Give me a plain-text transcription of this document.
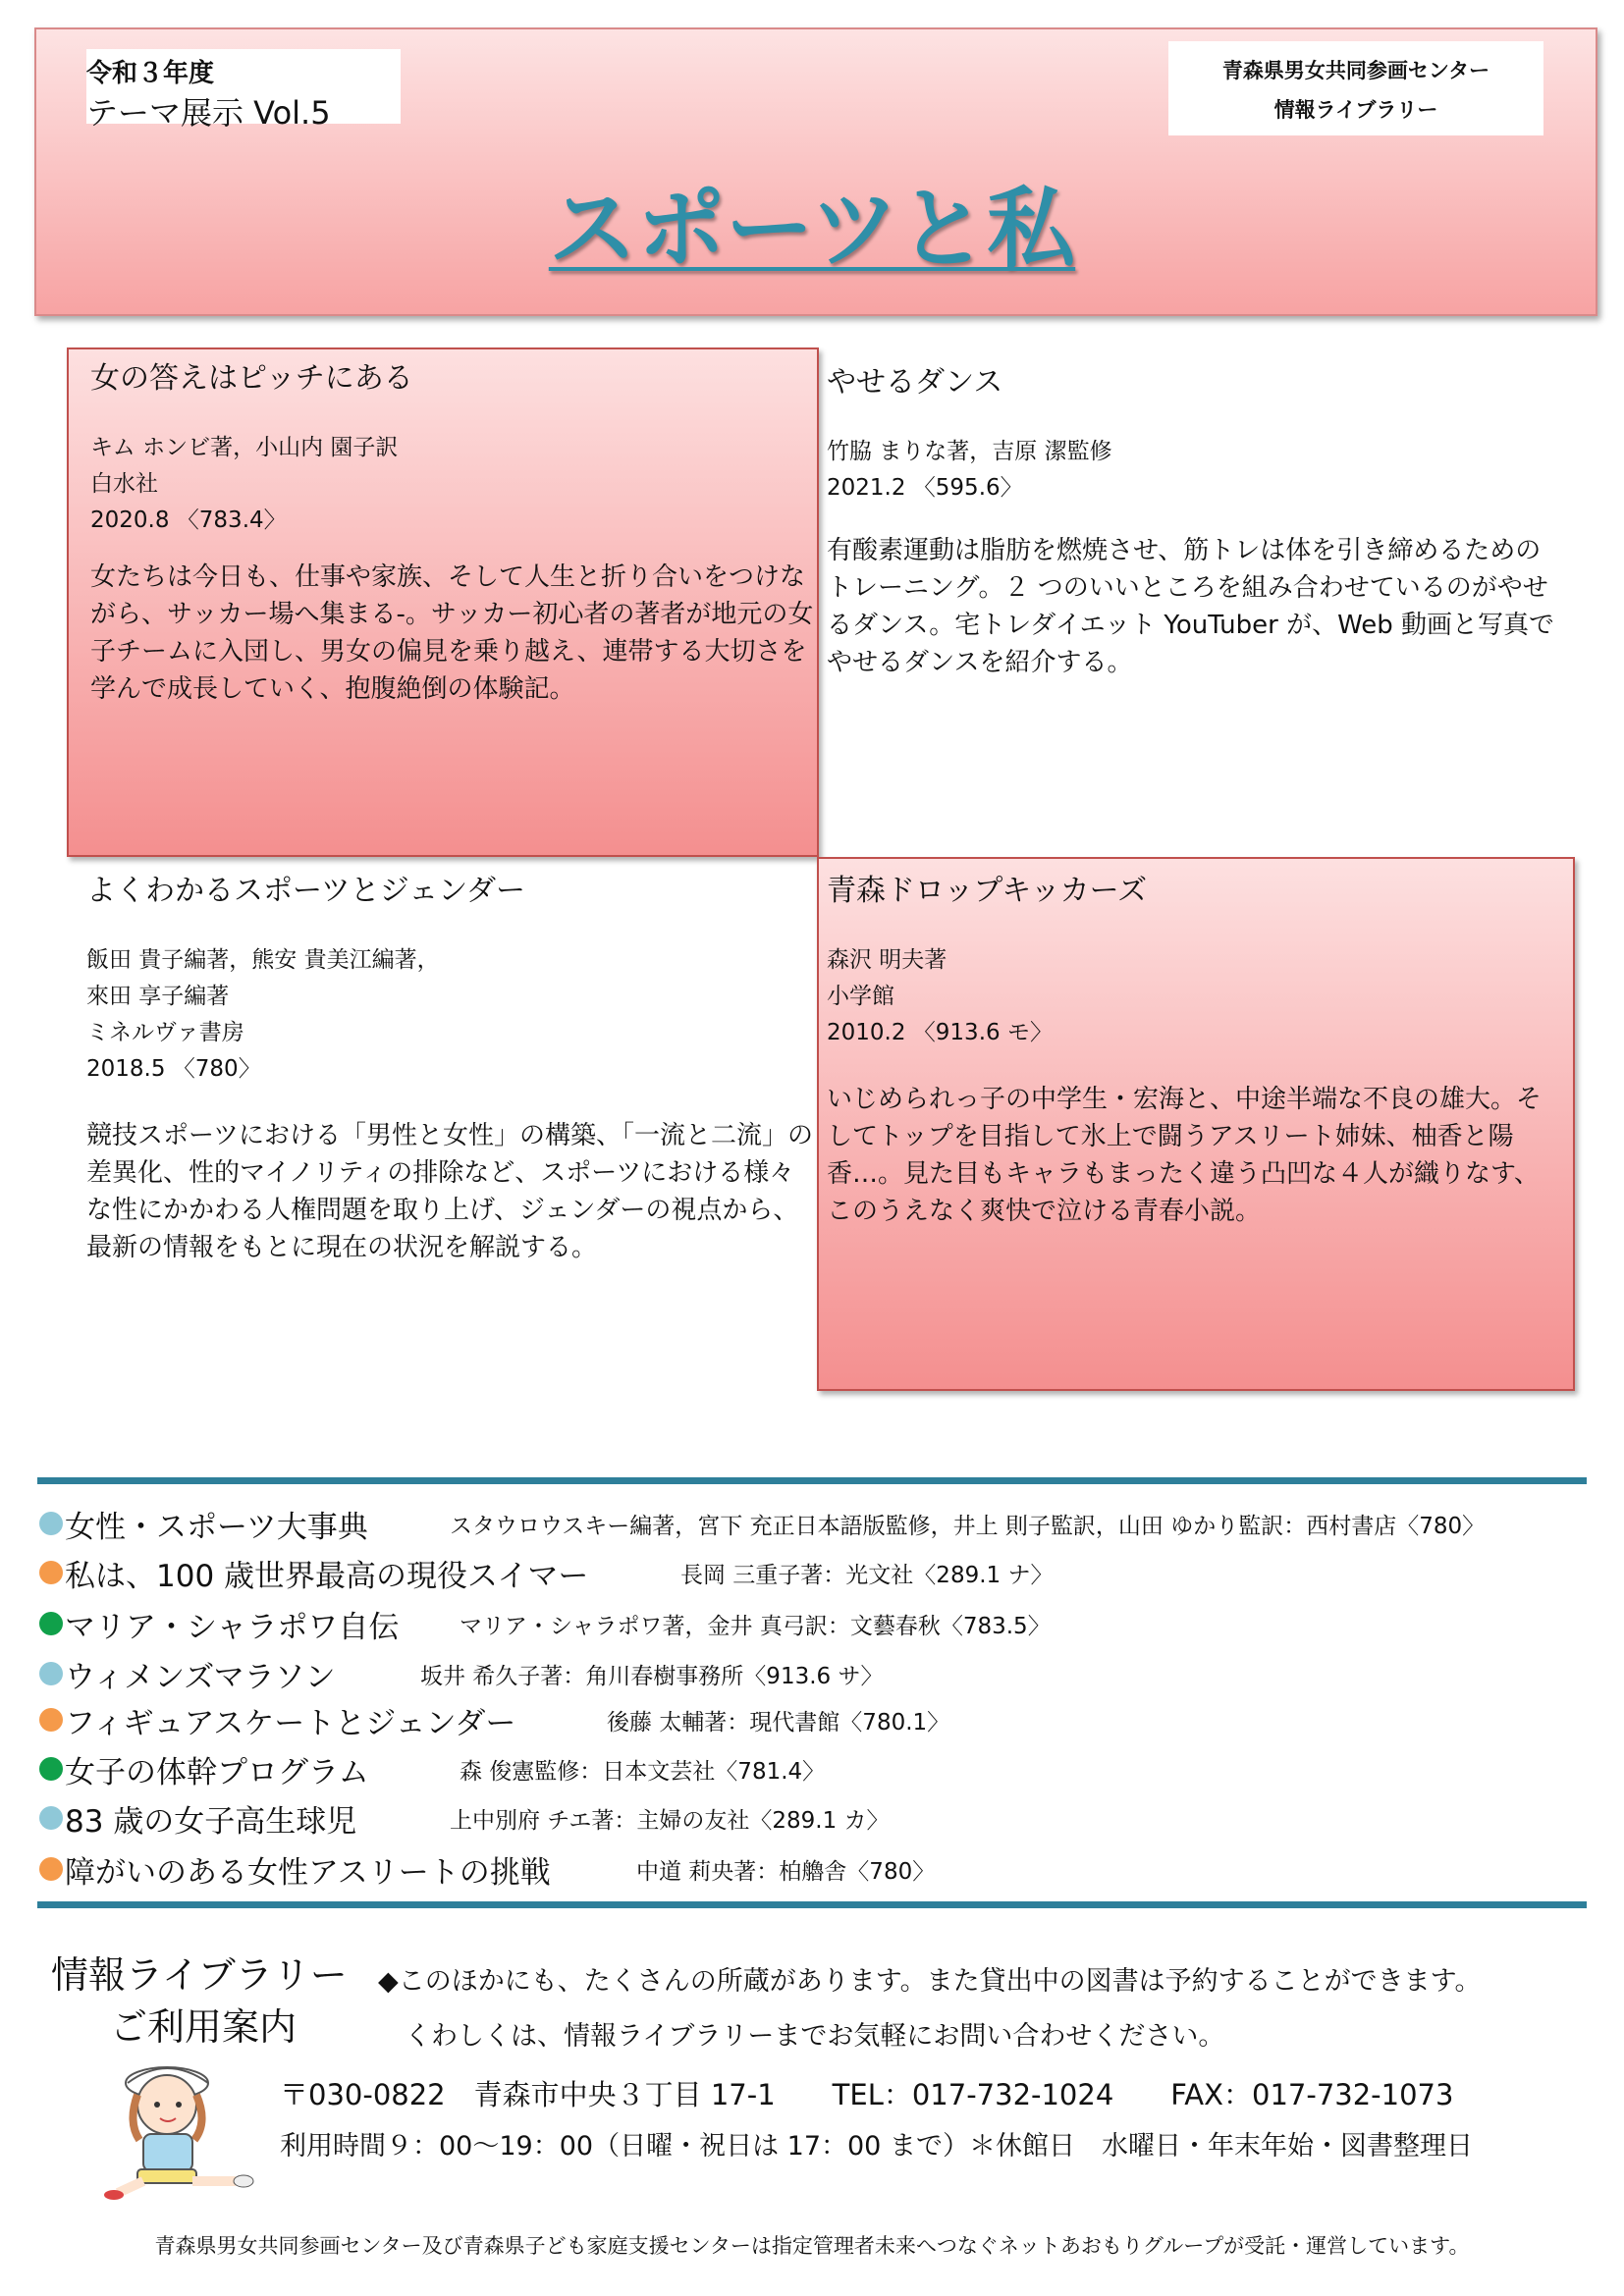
令和３年度
テーマ展示 Vol.5
青森県男女共同参画センター
情報ライブラリー
スポーツと私
女の答えはピッチにある
キム ホンビ著，小山内 園子訳
白水社
2020.8 〈783.4〉
女たちは今日も、仕事や家族、そして人生と折り合いをつけながら、サッカー場へ集まる-。サッカー初心者の著者が地元の女子チームに入団し、男女の偏見を乗り越え、連帯する大切さを学んで成長していく、抱腹絶倒の体験記。
やせるダンス
竹脇 まりな著，吉原 潔監修
2021.2 〈595.6〉
有酸素運動は脂肪を燃焼させ、筋トレは体を引き締めるためのトレーニング。２ つのいいところを組み合わせているのがやせるダンス。宅トレダイエット YouTuber が、Web 動画と写真でやせるダンスを紹介する。
よくわかるスポーツとジェンダー
飯田 貴子編著，熊安 貴美江編著，
來田 享子編著
ミネルヴァ書房
2018.5 〈780〉
競技スポーツにおける「男性と女性」の構築、「一流と二流」の差異化、性的マイノリティの排除など、スポーツにおける様々な性にかかわる人権問題を取り上げ、ジェンダーの視点から、最新の情報をもとに現在の状況を解説する。
青森ドロップキッカーズ
森沢 明夫著
小学館
2010.2 〈913.6 モ〉
いじめられっ子の中学生・宏海と、中途半端な不良の雄大。そしてトップを目指して氷上で闘うアスリート姉妹、柚香と陽香…。見た目もキャラもまったく違う凸凹な４人が織りなす、このうえなく爽快で泣ける青春小説。
女性・スポーツ大事典	スタウロウスキー編著，宮下 充正日本語版監修，井上 則子監訳，山田 ゆかり監訳：西村書店〈780〉
私は、100 歳世界最高の現役スイマー	長岡 三重子著：光文社〈289.1 ナ〉
マリア・シャラポワ自伝	マリア・シャラポワ著，金井 真弓訳：文藝春秋〈783.5〉
ウィメンズマラソン	坂井 希久子著：角川春樹事務所〈913.6 サ〉
フィギュアスケートとジェンダー	後藤 太輔著：現代書館〈780.1〉
女子の体幹プログラム	森 俊憲監修：日本文芸社〈781.4〉
83 歳の女子高生球児	上中別府 チエ著：主婦の友社〈289.1 カ〉
障がいのある女性アスリートの挑戦	中道 莉央著：柏艪舎〈780〉
情報ライブラリー
ご利用案内
◆このほかにも、たくさんの所蔵があります。また貸出中の図書は予約することができます。
くわしくは、情報ライブラリーまでお気軽にお問い合わせください。
〒030-0822　青森市中央３丁目 17-1　　TEL：017-732-1024　　FAX：017-732-1073
利用時間９：00～19：00（日曜・祝日は 17：00 まで）＊休館日　水曜日・年末年始・図書整理日
青森県男女共同参画センター及び青森県子ども家庭支援センターは指定管理者未来へつなぐネットあおもりグループが受託・運営しています。
